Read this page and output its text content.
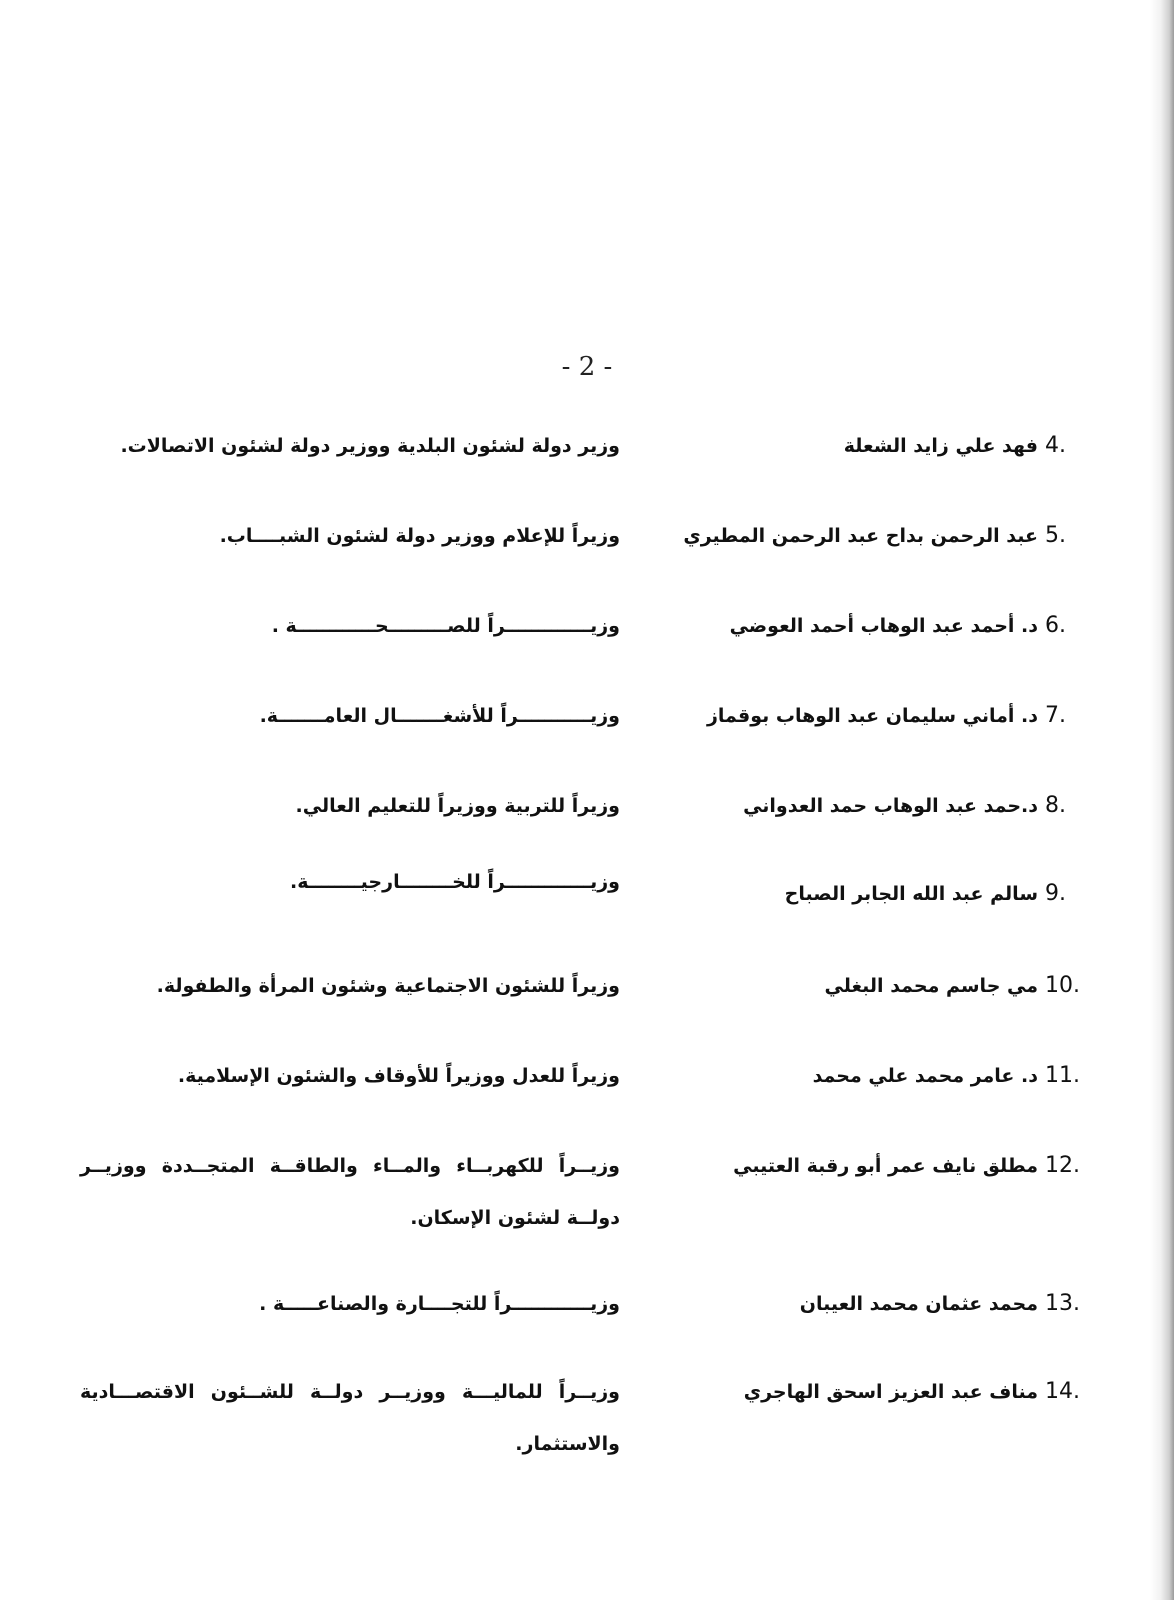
- 2 -
4.
فهد علي زايد الشعلة
وزير دولة لشئون البلدية ووزير دولة لشئون الاتصالات.
5.
عبد الرحمن بداح عبد الرحمن المطيري
وزيراً للإعلام ووزير دولة لشئون الشبــــاب.
6.
د. أحمد عبد الوهاب أحمد العوضي
وزيـــــــــــــراً للصـــــــــحــــــــــــة .
7.
د. أماني سليمان عبد الوهاب بوقماز
وزيـــــــــــراً للأشغـــــــال العامـــــــة.
8.
د.حمد عبد الوهاب حمد العدواني
وزيراً للتربية ووزيراً للتعليم العالي.
9.
سالم عبد الله الجابر الصباح
وزيـــــــــــــراً للخــــــــارجيــــــــة.
10.
مي جاسم محمد البغلي
وزيراً للشئون الاجتماعية وشئون المرأة والطفولة.
11.
د. عامر محمد علي محمد
وزيراً للعدل ووزيراً للأوقاف والشئون الإسلامية.
12.
مطلق نايف عمر أبو رقبة العتيبي
وزيــراً للكهربــاء والمــاء والطاقــة المتجــددة ووزيــر دولــة لشئون الإسكان.
13.
محمد عثمان محمد العيبان
وزيــــــــــــراً للتجــــارة والصناعـــــة .
14.
مناف عبد العزيز اسحق الهاجري
وزيــراً للماليـــة ووزيــر دولــة للشــئون الاقتصـــادية والاستثمار.
